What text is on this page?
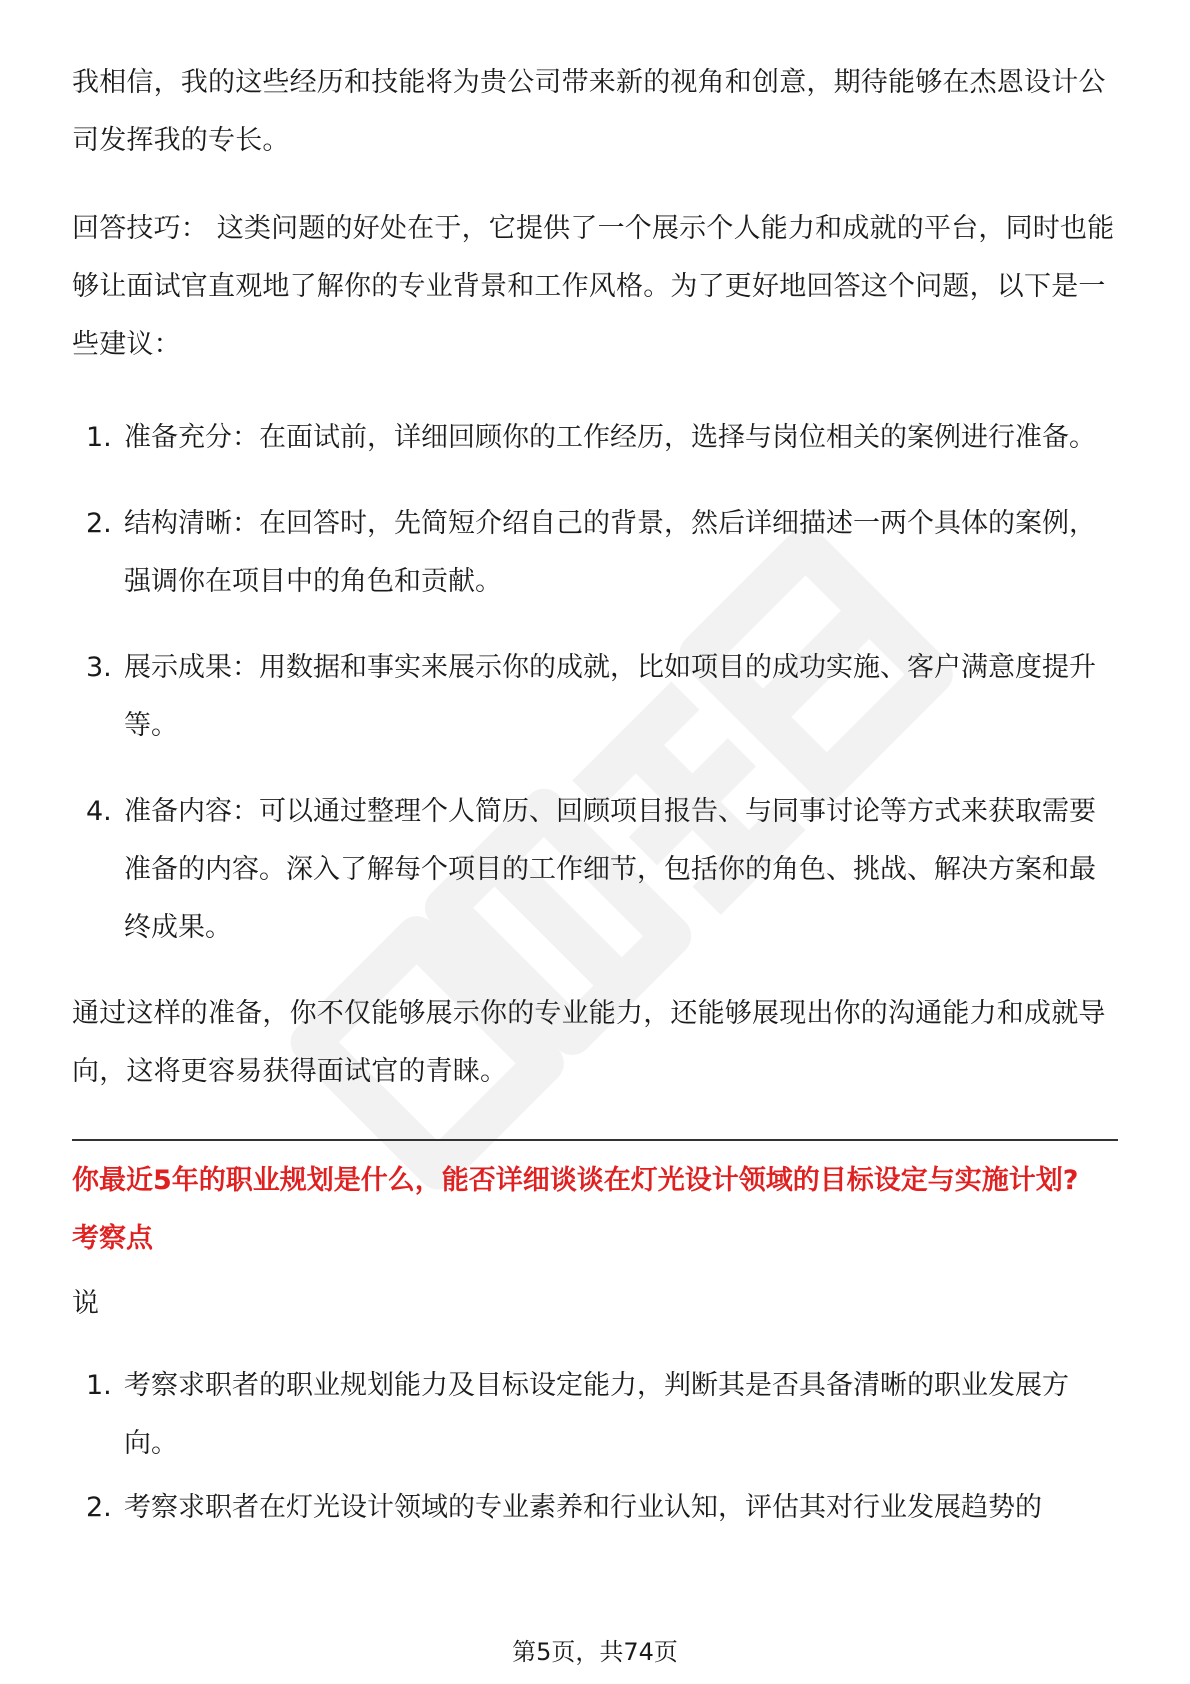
我相信，我的这些经历和技能将为贵公司带来新的视角和创意，期待能够在杰恩设计公司发挥我的专长。

回答技巧： 这类问题的好处在于，它提供了一个展示个人能力和成就的平台，同时也能够让面试官直观地了解你的专业背景和工作风格。为了更好地回答这个问题，以下是一些建议：

1. 准备充分：在面试前，详细回顾你的工作经历，选择与岗位相关的案例进行准备。
2. 结构清晰：在回答时，先简短介绍自己的背景，然后详细描述一两个具体的案例，强调你在项目中的角色和贡献。
3. 展示成果：用数据和事实来展示你的成就，比如项目的成功实施、客户满意度提升等。
4. 准备内容：可以通过整理个人简历、回顾项目报告、与同事讨论等方式来获取需要准备的内容。深入了解每个项目的工作细节，包括你的角色、挑战、解决方案和最终成果。

通过这样的准备，你不仅能够展示你的专业能力，还能够展现出你的沟通能力和成就导向，这将更容易获得面试官的青睐。

你最近5年的职业规划是什么，能否详细谈谈在灯光设计领域的目标设定与实施计划?

考察点

说

1. 考察求职者的职业规划能力及目标设定能力，判断其是否具备清晰的职业发展方向。
2. 考察求职者在灯光设计领域的专业素养和行业认知，评估其对行业发展趋势的
第5页，共74页
